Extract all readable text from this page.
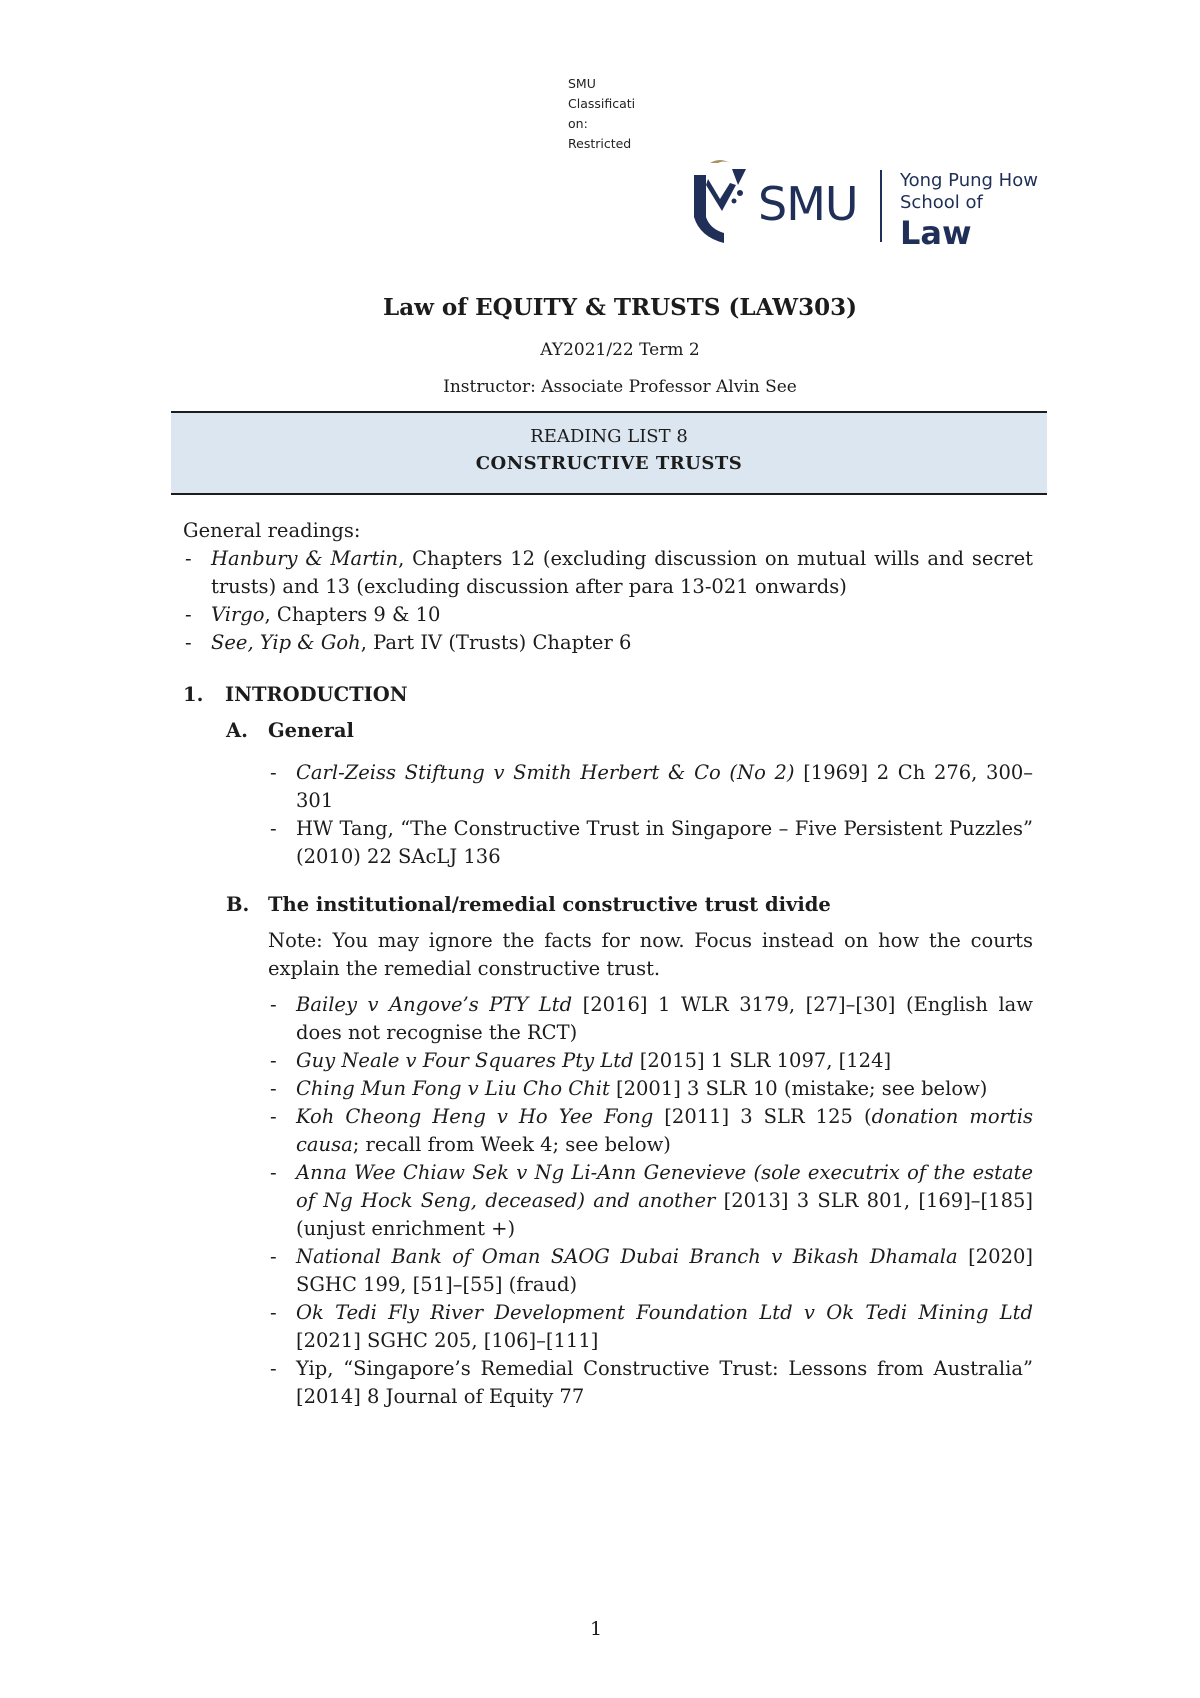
SMU
Classificati
on:
Restricted
SMU Yong Pung How
School of
Law
Law of EQUITY & TRUSTS (LAW303)
AY2021/22 Term 2
Instructor: Associate Professor Alvin See
READING LIST 8
CONSTRUCTIVE TRUSTS
General readings:
- Hanbury & Martin, Chapters 12 (excluding discussion on mutual wills and secret trusts) and 13 (excluding discussion after para 13-021 onwards)
- Virgo, Chapters 9 & 10
- See, Yip & Goh, Part IV (Trusts) Chapter 6
1.	INTRODUCTION
A.	General
- Carl-Zeiss Stiftung v Smith Herbert & Co (No 2) [1969] 2 Ch 276, 300–301
- HW Tang, “The Constructive Trust in Singapore – Five Persistent Puzzles” (2010) 22 SAcLJ 136
B. The institutional/remedial constructive trust divide
Note: You may ignore the facts for now. Focus instead on how the courts explain the remedial constructive trust.
- Bailey v Angove’s PTY Ltd [2016] 1 WLR 3179, [27]–[30] (English law does not recognise the RCT)
- Guy Neale v Four Squares Pty Ltd [2015] 1 SLR 1097, [124]
- Ching Mun Fong v Liu Cho Chit [2001] 3 SLR 10 (mistake; see below)
- Koh Cheong Heng v Ho Yee Fong [2011] 3 SLR 125 (donation mortis causa; recall from Week 4; see below)
- Anna Wee Chiaw Sek v Ng Li-Ann Genevieve (sole executrix of the estate of Ng Hock Seng, deceased) and another [2013] 3 SLR 801, [169]–[185] (unjust enrichment +)
- National Bank of Oman SAOG Dubai Branch v Bikash Dhamala [2020] SGHC 199, [51]–[55] (fraud)
- Ok Tedi Fly River Development Foundation Ltd v Ok Tedi Mining Ltd [2021] SGHC 205, [106]–[111]
- Yip, “Singapore’s Remedial Constructive Trust: Lessons from Australia” [2014] 8 Journal of Equity 77
1
